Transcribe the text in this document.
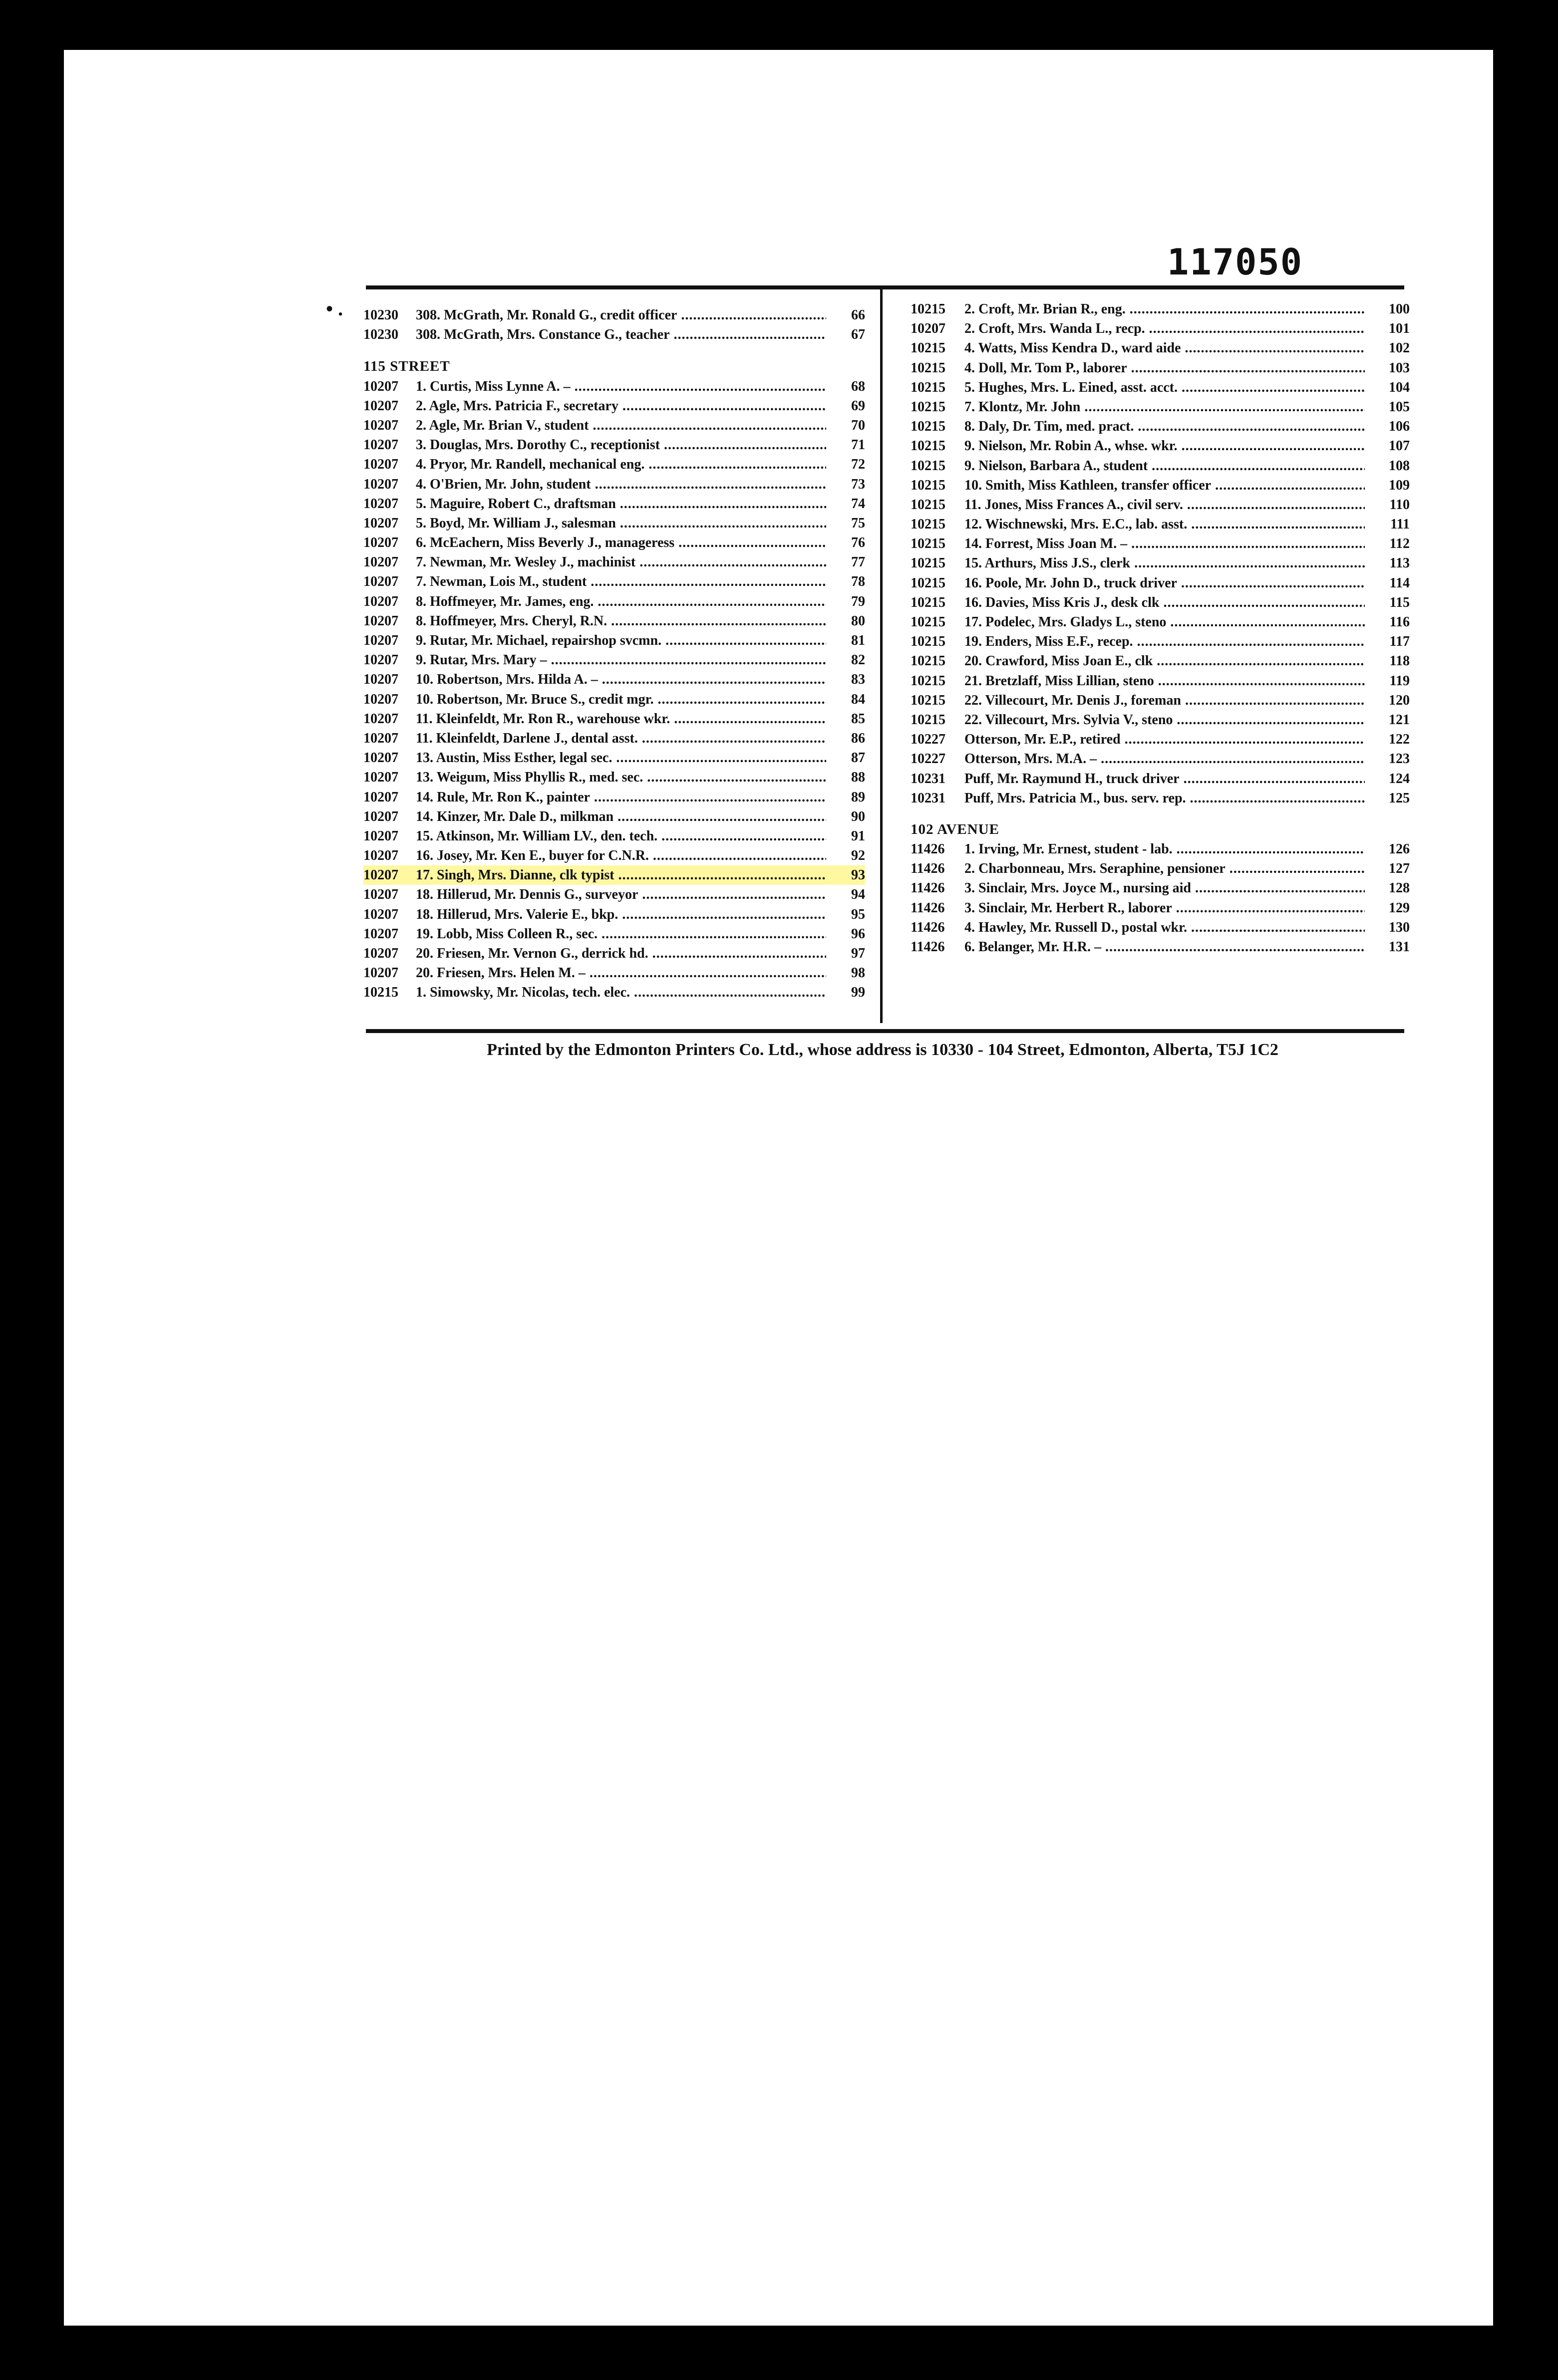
117050
• . 10230	308. McGrath, Mr. Ronald G., credit officer .....	66
10230	308. McGrath, Mrs. Constance G., teacher .....	67
115 STREET
10207	1. Curtis, Miss Lynne A. – .....	68
10207	2. Agle, Mrs. Patricia F., secretary .....	69
10207	2. Agle, Mr. Brian V., student .....	70
10207	3. Douglas, Mrs. Dorothy C., receptionist .....	71
10207	4. Pryor, Mr. Randell, mechanical eng. .....	72
10207	4. O'Brien, Mr. John, student .....	73
10207	5. Maguire, Robert C., draftsman .....	74
10207	5. Boyd, Mr. William J., salesman .....	75
10207	6. McEachern, Miss Beverly J., manageress .....	76
10207	7. Newman, Mr. Wesley J., machinist .....	77
10207	7. Newman, Lois M., student .....	78
10207	8. Hoffmeyer, Mr. James, eng. .....	79
10207	8. Hoffmeyer, Mrs. Cheryl, R.N. .....	80
10207	9. Rutar, Mr. Michael, repairshop svcmn. .....	81
10207	9. Rutar, Mrs. Mary – .....	82
10207	10. Robertson, Mrs. Hilda A. – .....	83
10207	10. Robertson, Mr. Bruce S., credit mgr. .....	84
10207	11. Kleinfeldt, Mr. Ron R., warehouse wkr. .....	85
10207	11. Kleinfeldt, Darlene J., dental asst. .....	86
10207	13. Austin, Miss Esther, legal sec. .....	87
10207	13. Weigum, Miss Phyllis R., med. sec. .....	88
10207	14. Rule, Mr. Ron K., painter .....	89
10207	14. Kinzer, Mr. Dale D., milkman .....	90
10207	15. Atkinson, Mr. William LV., den. tech. .....	91
10207	16. Josey, Mr. Ken E., buyer for C.N.R. .....	92
10207	17. Singh, Mrs. Dianne, clk typist .....	93
10207	18. Hillerud, Mr. Dennis G., surveyor .....	94
10207	18. Hillerud, Mrs. Valerie E., bkp. .....	95
10207	19. Lobb, Miss Colleen R., sec. .....	96
10207	20. Friesen, Mr. Vernon G., derrick hd. .....	97
10207	20. Friesen, Mrs. Helen M. – .....	98
10215	1. Simowsky, Mr. Nicolas, tech. elec. .....	99
10215	2. Croft, Mr. Brian R., eng. .....	100
10207	2. Croft, Mrs. Wanda L., recp. .....	101
10215	4. Watts, Miss Kendra D., ward aide .....	102
10215	4. Doll, Mr. Tom P., laborer .....	103
10215	5. Hughes, Mrs. L. Eined, asst. acct. .....	104
10215	7. Klontz, Mr. John .....	105
10215	8. Daly, Dr. Tim, med. pract. .....	106
10215	9. Nielson, Mr. Robin A., whse. wkr. .....	107
10215	9. Nielson, Barbara A., student .....	108
10215	10. Smith, Miss Kathleen, transfer officer .....	109
10215	11. Jones, Miss Frances A., civil serv. .....	110
10215	12. Wischnewski, Mrs. E.C., lab. asst. .....	111
10215	14. Forrest, Miss Joan M. – .....	112
10215	15. Arthurs, Miss J.S., clerk .....	113
10215	16. Poole, Mr. John D., truck driver .....	114
10215	16. Davies, Miss Kris J., desk clk .....	115
10215	17. Podelec, Mrs. Gladys L., steno .....	116
10215	19. Enders, Miss E.F., recep. .....	117
10215	20. Crawford, Miss Joan E., clk .....	118
10215	21. Bretzlaff, Miss Lillian, steno .....	119
10215	22. Villecourt, Mr. Denis J., foreman .....	120
10215	22. Villecourt, Mrs. Sylvia V., steno .....	121
10227	Otterson, Mr. E.P., retired .....	122
10227	Otterson, Mrs. M.A. – .....	123
10231	Puff, Mr. Raymund H., truck driver .....	124
10231	Puff, Mrs. Patricia M., bus. serv. rep. .....	125
102 AVENUE
11426	1. Irving, Mr. Ernest, student - lab. .....	126
11426	2. Charbonneau, Mrs. Seraphine, pensioner .....	127
11426	3. Sinclair, Mrs. Joyce M., nursing aid .....	128
11426	3. Sinclair, Mr. Herbert R., laborer .....	129
11426	4. Hawley, Mr. Russell D., postal wkr. .....	130
11426	6. Belanger, Mr. H.R. – .....	131
Printed by the Edmonton Printers Co. Ltd., whose address is 10330 - 104 Street, Edmonton, Alberta, T5J 1C2
